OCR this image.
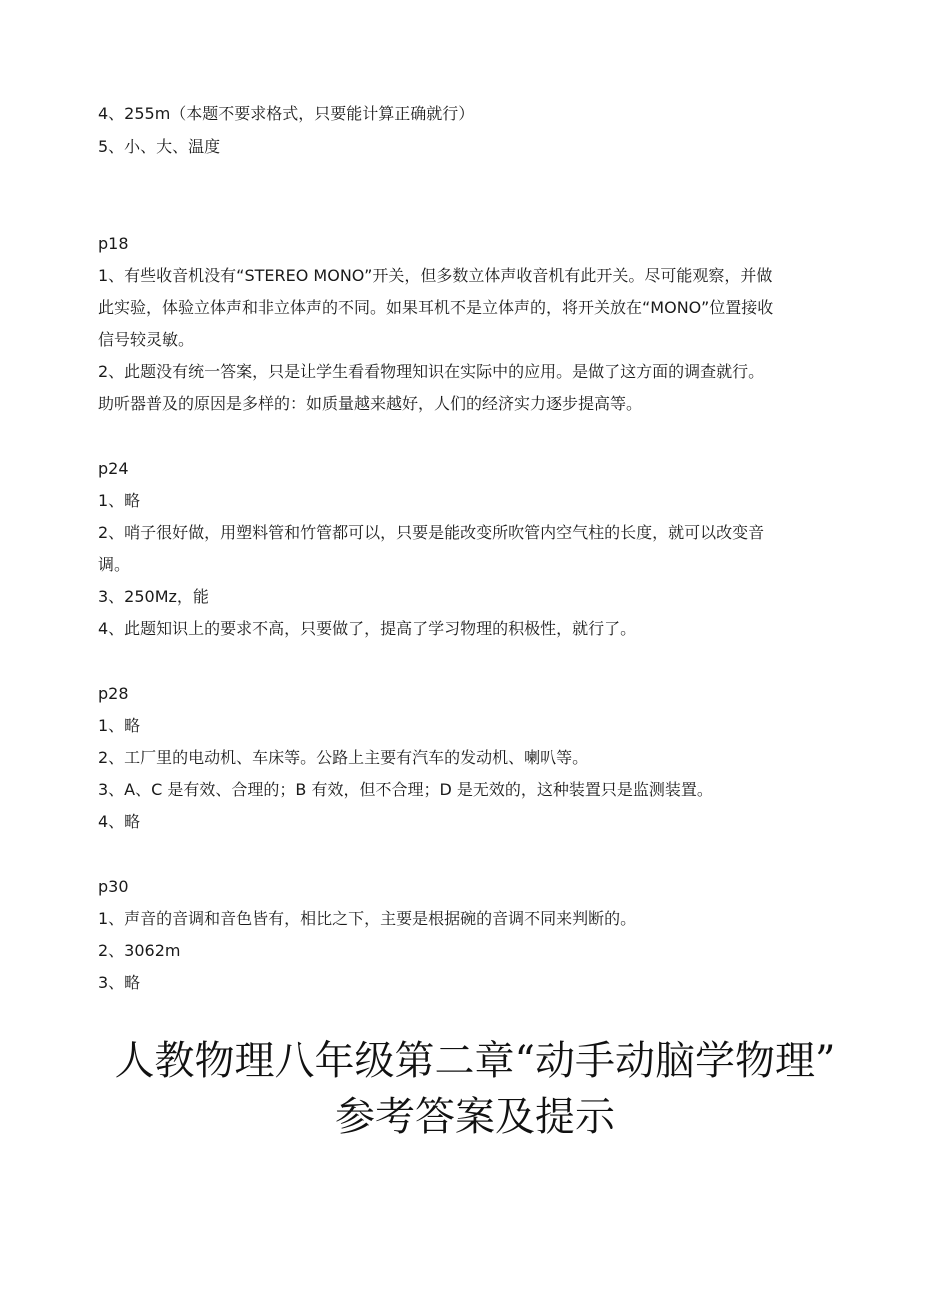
4、255m（本题不要求格式，只要能计算正确就行）
5、小、大、温度
p18
1、有些收音机没有“STEREO MONO”开关，但多数立体声收音机有此开关。尽可能观察，并做
此实验，体验立体声和非立体声的不同。如果耳机不是立体声的，将开关放在“MONO”位置接收
信号较灵敏。
2、此题没有统一答案，只是让学生看看物理知识在实际中的应用。是做了这方面的调查就行。
助听器普及的原因是多样的：如质量越来越好，人们的经济实力逐步提高等。
p24
1、略
2、哨子很好做，用塑料管和竹管都可以，只要是能改变所吹管内空气柱的长度，就可以改变音
调。
3、250Mz，能
4、此题知识上的要求不高，只要做了，提高了学习物理的积极性，就行了。
p28
1、略
2、工厂里的电动机、车床等。公路上主要有汽车的发动机、喇叭等。
3、A、C 是有效、合理的；B 有效，但不合理；D 是无效的，这种装置只是监测装置。
4、略
p30
1、声音的音调和音色皆有，相比之下，主要是根据碗的音调不同来判断的。
2、3062m
3、略
人教物理八年级第二章“动手动脑学物理”
参考答案及提示
